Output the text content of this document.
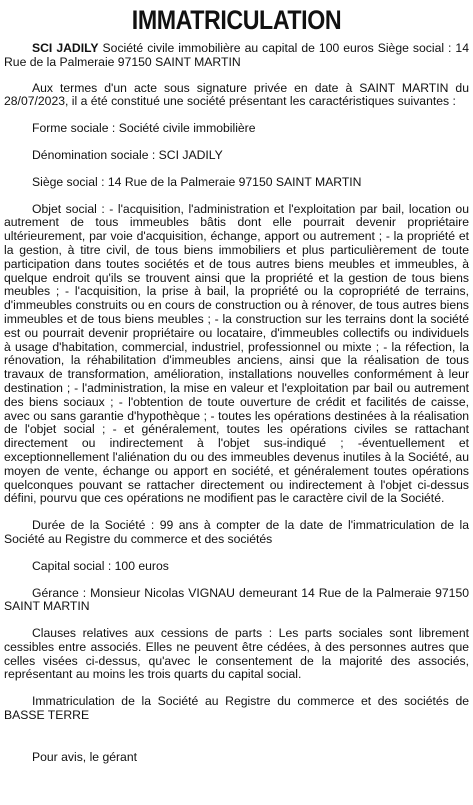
IMMATRICULATION

SCI JADILY Société civile immobilière au capital de 100 euros Siège social : 14 Rue de la Palmeraie 97150 SAINT MARTIN

Aux termes d'un acte sous signature privée en date à SAINT MARTIN du 28/07/2023, il a été constitué une société présentant les caractéristiques suivantes :

Forme sociale : Société civile immobilière

Dénomination sociale : SCI JADILY

Siège social : 14 Rue de la Palmeraie 97150 SAINT MARTIN

Objet social : - l'acquisition, l'administration et l'exploitation par bail, location ou autrement de tous immeubles bâtis dont elle pourrait devenir propriétaire ultérieurement, par voie d'acquisition, échange, apport ou autrement ; - la propriété et la gestion, à titre civil, de tous biens immobiliers et plus particulièrement de toute participation dans toutes sociétés et de tous autres biens meubles et immeubles, à quelque endroit qu'ils se trouvent ainsi que la propriété et la gestion de tous biens meubles ; - l'acquisition, la prise à bail, la propriété ou la copropriété de terrains, d'immeubles construits ou en cours de construction ou à rénover, de tous autres biens immeubles et de tous biens meubles ; - la construction sur les terrains dont la société est ou pourrait devenir propriétaire ou locataire, d'immeubles collectifs ou individuels à usage d'habitation, commercial, industriel, professionnel ou mixte ; - la réfection, la rénovation, la réhabilitation d'immeubles anciens, ainsi que la réalisation de tous travaux de transformation, amélioration, installations nouvelles conformément à leur destination ; - l'administration, la mise en valeur et l'exploitation par bail ou autrement des biens sociaux ; - l'obtention de toute ouverture de crédit et facilités de caisse, avec ou sans garantie d'hypothèque ; - toutes les opérations destinées à la réalisation de l'objet social ; - et généralement, toutes les opérations civiles se rattachant directement ou indirectement à l'objet sus-indiqué ; -éventuellement et exceptionnellement l'aliénation du ou des immeubles devenus inutiles à la Société, au moyen de vente, échange ou apport en société, et généralement toutes opérations quelconques pouvant se rattacher directement ou indirectement à l'objet ci-dessus défini, pourvu que ces opérations ne modifient pas le caractère civil de la Société.

Durée de la Société : 99 ans à compter de la date de l'immatriculation de la Société au Registre du commerce et des sociétés

Capital social : 100 euros

Gérance : Monsieur Nicolas VIGNAU demeurant 14 Rue de la Palmeraie 97150 SAINT MARTIN

Clauses relatives aux cessions de parts : Les parts sociales sont librement cessibles entre associés. Elles ne peuvent être cédées, à des personnes autres que celles visées ci-dessus, qu'avec le consentement de la majorité des associés, représentant au moins les trois quarts du capital social.

Immatriculation de la Société au Registre du commerce et des sociétés de BASSE TERRE

Pour avis, le gérant
